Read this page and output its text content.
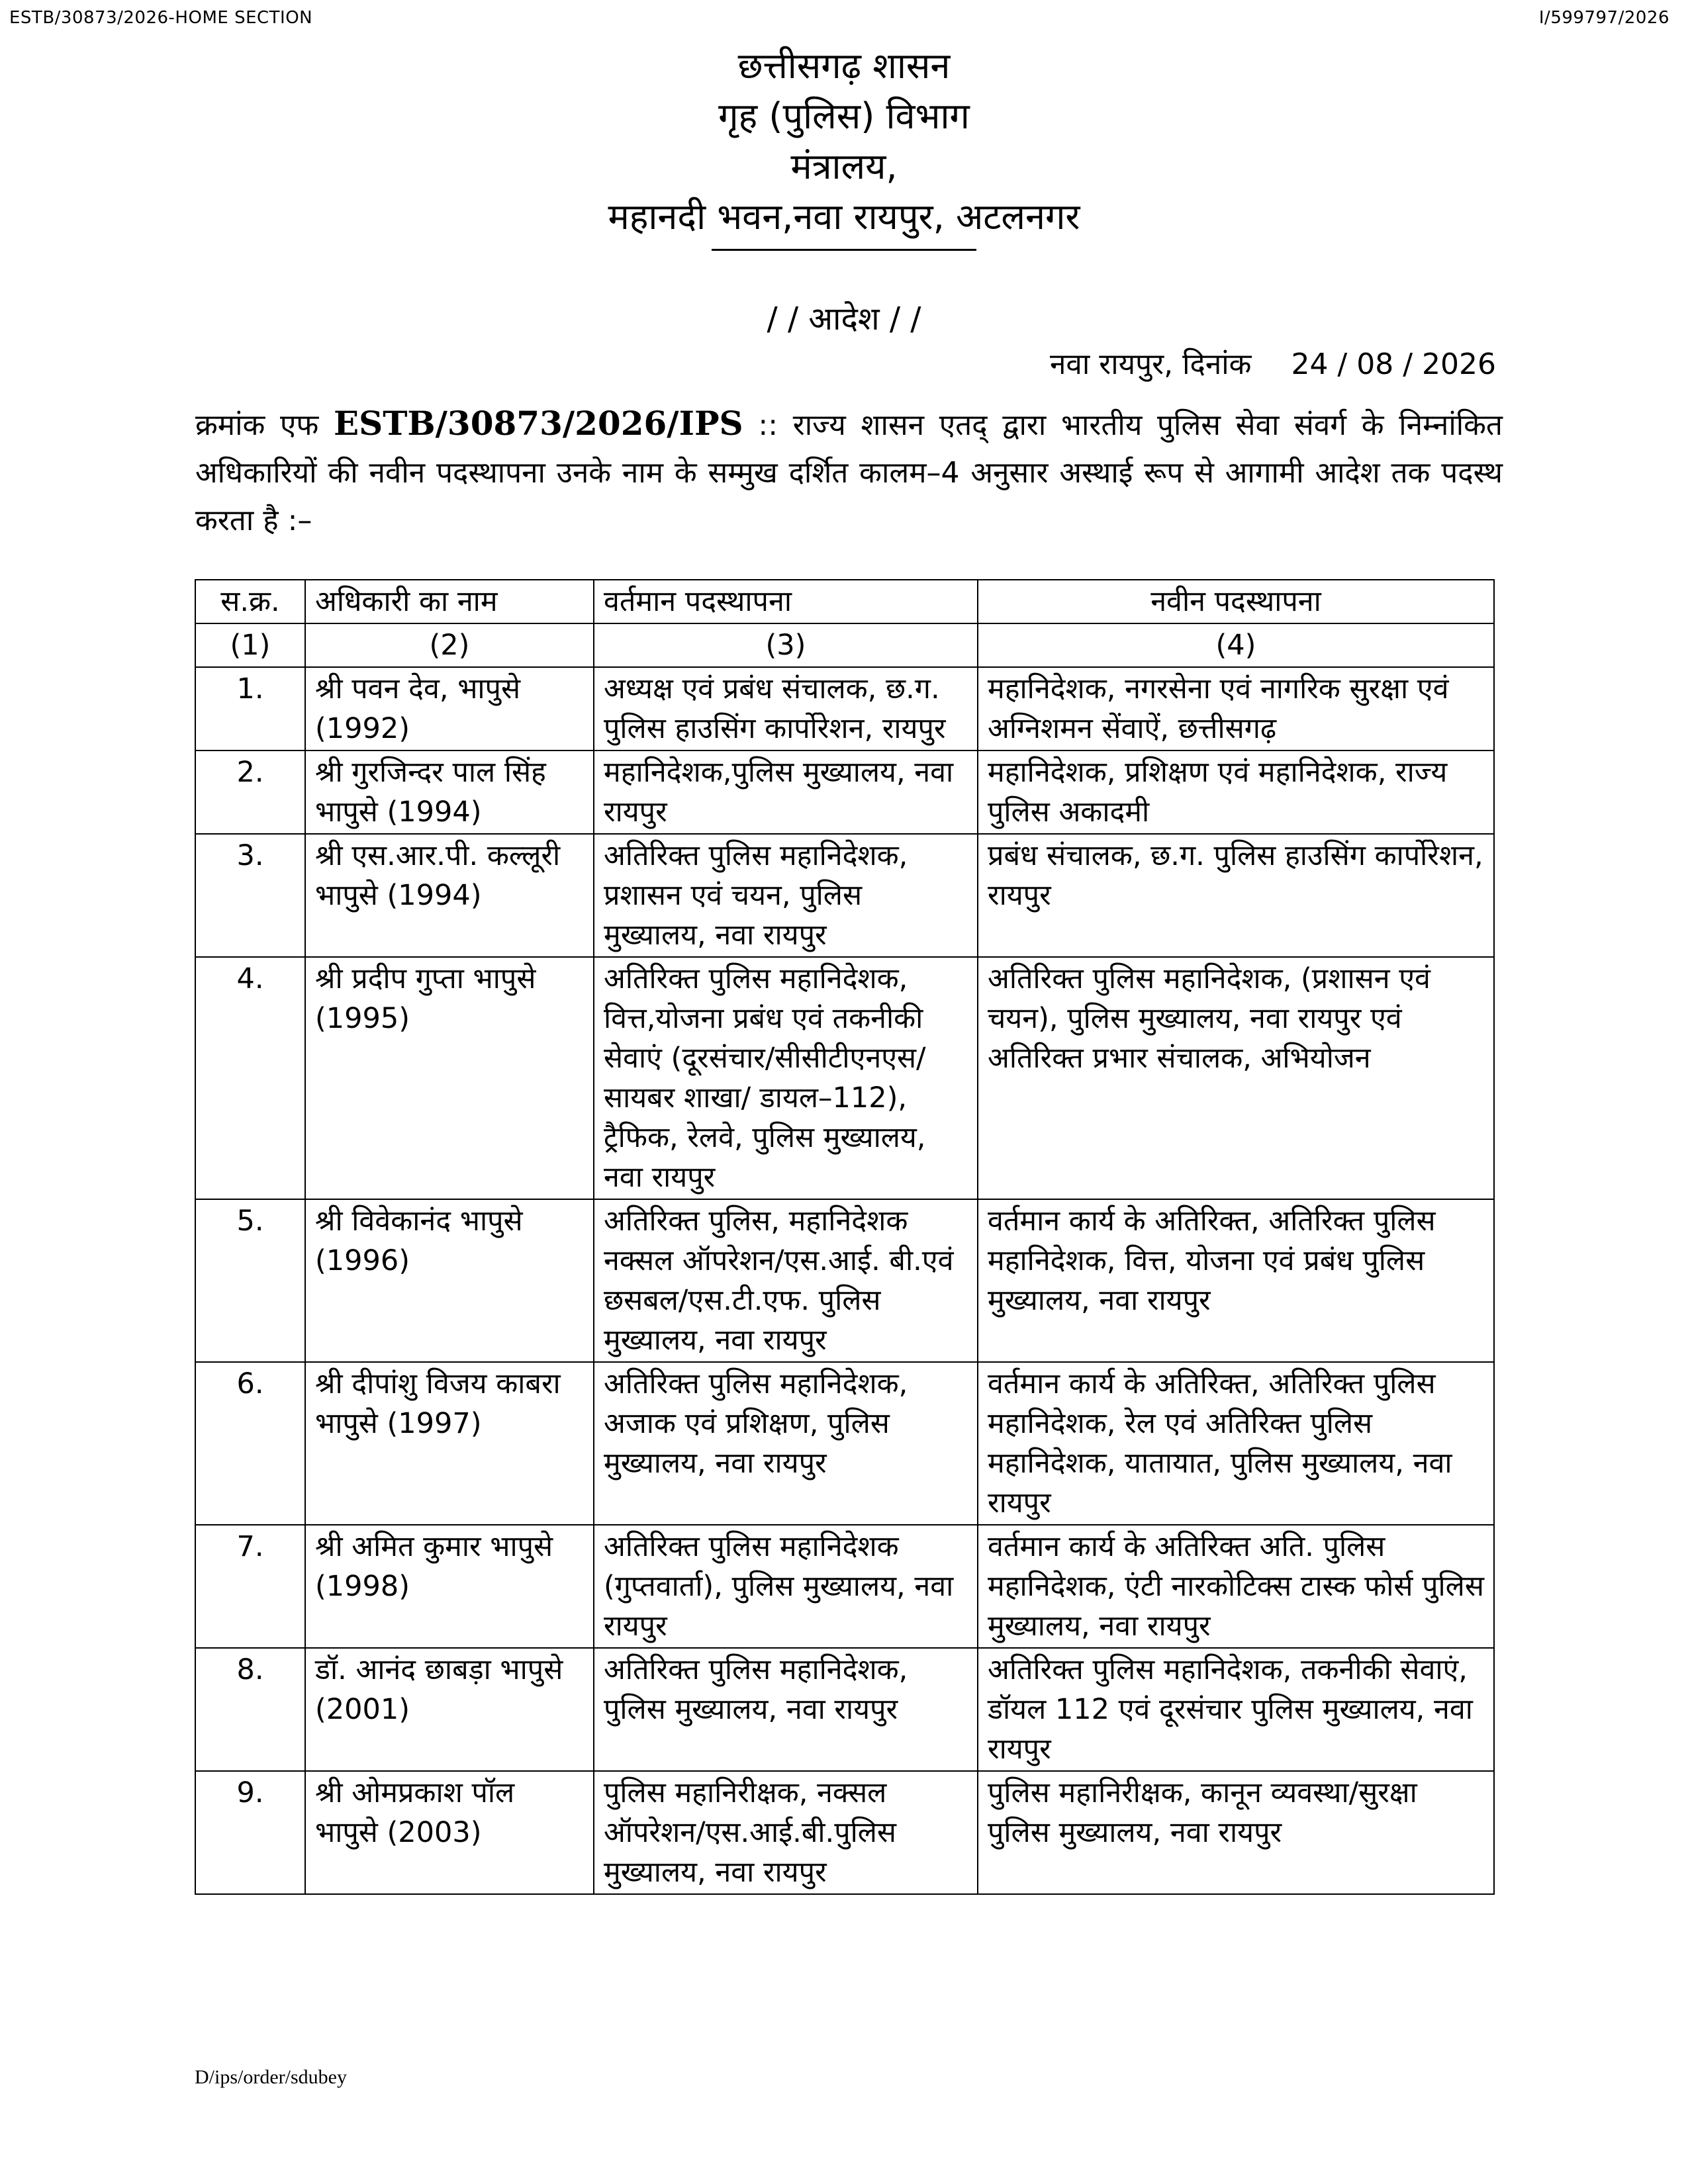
ESTB/30873/2026-HOME SECTION	I/599797/2026
छत्तीसगढ़ शासन
गृह (पुलिस) विभाग
मंत्रालय,
महानदी भवन,नवा रायपुर, अटलनगर
/ / आदेश / /
नवा रायपुर, दिनांक 24 / 08 / 2026
क्रमांक एफ ESTB/30873/2026/IPS :: राज्य शासन एतद् द्वारा भारतीय पुलिस सेवा संवर्ग के निम्नांकित अधिकारियों की नवीन पदस्थापना उनके नाम के सम्मुख दर्शित कालम–4 अनुसार अस्थाई रूप से आगामी आदेश तक पदस्थ करता है :–
स.क्र.	अधिकारी का नाम	वर्तमान पदस्थापना	नवीन पदस्थापना
(1)	(2)	(3)	(4)
1.	श्री पवन देव, भापुसे (1992)	अध्यक्ष एवं प्रबंध संचालक, छ.ग. पुलिस हाउसिंग कार्पोरेशन, रायपुर	महानिदेशक, नगरसेना एवं नागरिक सुरक्षा एवं अग्निशमन सेंवाऐं, छत्तीसगढ़
2.	श्री गुरजिन्दर पाल सिंह भापुसे (1994)	महानिदेशक,पुलिस मुख्यालय, नवा रायपुर	महानिदेशक, प्रशिक्षण एवं महानिदेशक, राज्य पुलिस अकादमी
3.	श्री एस.आर.पी. कल्लूरी भापुसे (1994)	अतिरिक्त पुलिस महानिदेशक, प्रशासन एवं चयन, पुलिस मुख्यालय, नवा रायपुर	प्रबंध संचालक, छ.ग. पुलिस हाउसिंग कार्पोरेशन, रायपुर
4.	श्री प्रदीप गुप्ता भापुसे (1995)	अतिरिक्त पुलिस महानिदेशक, वित्त,योजना प्रबंध एवं तकनीकी सेवाएं (दूरसंचार/सीसीटीएनएस/ सायबर शाखा/ डायल–112), ट्रैफिक, रेलवे, पुलिस मुख्यालय, नवा रायपुर	अतिरिक्त पुलिस महानिदेशक, (प्रशासन एवं चयन), पुलिस मुख्यालय, नवा रायपुर एवं अतिरिक्त प्रभार संचालक, अभियोजन
5.	श्री विवेकानंद भापुसे (1996)	अतिरिक्त पुलिस, महानिदेशक नक्सल ऑपरेशन/एस.आई. बी.एवं छसबल/एस.टी.एफ. पुलिस मुख्यालय, नवा रायपुर	वर्तमान कार्य के अतिरिक्त, अतिरिक्त पुलिस महानिदेशक, वित्त, योजना एवं प्रबंध पुलिस मुख्यालय, नवा रायपुर
6.	श्री दीपांशु विजय काबरा भापुसे (1997)	अतिरिक्त पुलिस महानिदेशक, अजाक एवं प्रशिक्षण, पुलिस मुख्यालय, नवा रायपुर	वर्तमान कार्य के अतिरिक्त, अतिरिक्त पुलिस महानिदेशक, रेल एवं अतिरिक्त पुलिस महानिदेशक, यातायात, पुलिस मुख्यालय, नवा रायपुर
7.	श्री अमित कुमार भापुसे (1998)	अतिरिक्त पुलिस महानिदेशक (गुप्तवार्ता), पुलिस मुख्यालय, नवा रायपुर	वर्तमान कार्य के अतिरिक्त अति. पुलिस महानिदेशक, एंटी नारकोटिक्स टास्क फोर्स पुलिस मुख्यालय, नवा रायपुर
8.	डॉ. आनंद छाबड़ा भापुसे (2001)	अतिरिक्त पुलिस महानिदेशक, पुलिस मुख्यालय, नवा रायपुर	अतिरिक्त पुलिस महानिदेशक, तकनीकी सेवाएं, डॉयल 112 एवं दूरसंचार पुलिस मुख्यालय, नवा रायपुर
9.	श्री ओमप्रकाश पॉल भापुसे (2003)	पुलिस महानिरीक्षक, नक्सल ऑपरेशन/एस.आई.बी.पुलिस मुख्यालय, नवा रायपुर	पुलिस महानिरीक्षक, कानून व्यवस्था/सुरक्षा पुलिस मुख्यालय, नवा रायपुर
D/ips/order/sdubey
